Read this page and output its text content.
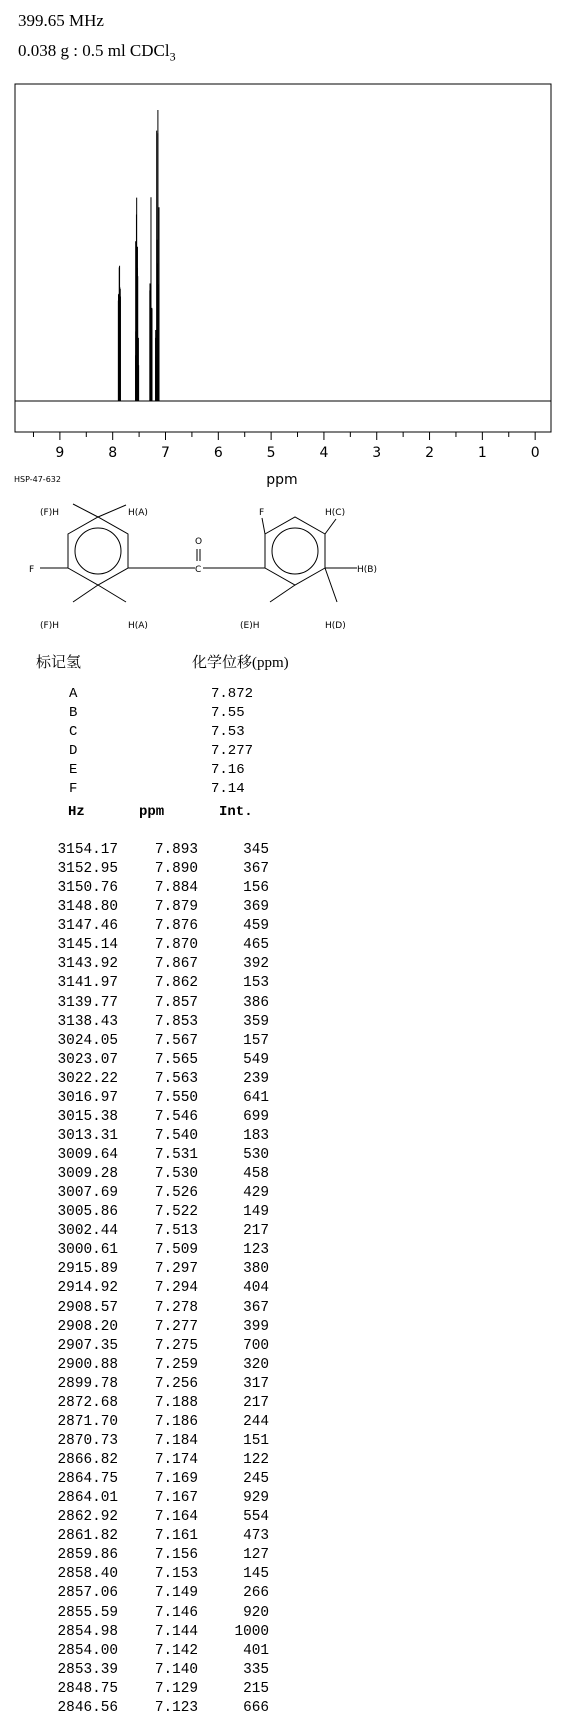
399.65 MHz
0.038 g : 0.5 ml CDCl$_3$
9	8	7	6	5	4	3	2	1	0
ppm
HSP-47-632
(F)H	H(A)
F
O
C
F	H(C)
H(B)
(F)H	H(A)	(E)H	H(D)
标记氢	化学位移(ppm)
A	7.872
B	7.55
C	7.53
D	7.277
E	7.16
F	7.14
Hz	ppm	Int.
3154.17	7.893	345
3152.95	7.890	367
3150.76	7.884	156
3148.80	7.879	369
3147.46	7.876	459
3145.14	7.870	465
3143.92	7.867	392
3141.97	7.862	153
3139.77	7.857	386
3138.43	7.853	359
3024.05	7.567	157
3023.07	7.565	549
3022.22	7.563	239
3016.97	7.550	641
3015.38	7.546	699
3013.31	7.540	183
3009.64	7.531	530
3009.28	7.530	458
3007.69	7.526	429
3005.86	7.522	149
3002.44	7.513	217
3000.61	7.509	123
2915.89	7.297	380
2914.92	7.294	404
2908.57	7.278	367
2908.20	7.277	399
2907.35	7.275	700
2900.88	7.259	320
2899.78	7.256	317
2872.68	7.188	217
2871.70	7.186	244
2870.73	7.184	151
2866.82	7.174	122
2864.75	7.169	245
2864.01	7.167	929
2862.92	7.164	554
2861.82	7.161	473
2859.86	7.156	127
2858.40	7.153	145
2857.06	7.149	266
2855.59	7.146	920
2854.98	7.144	1000
2854.00	7.142	401
2853.39	7.140	335
2848.75	7.129	215
2846.56	7.123	666
